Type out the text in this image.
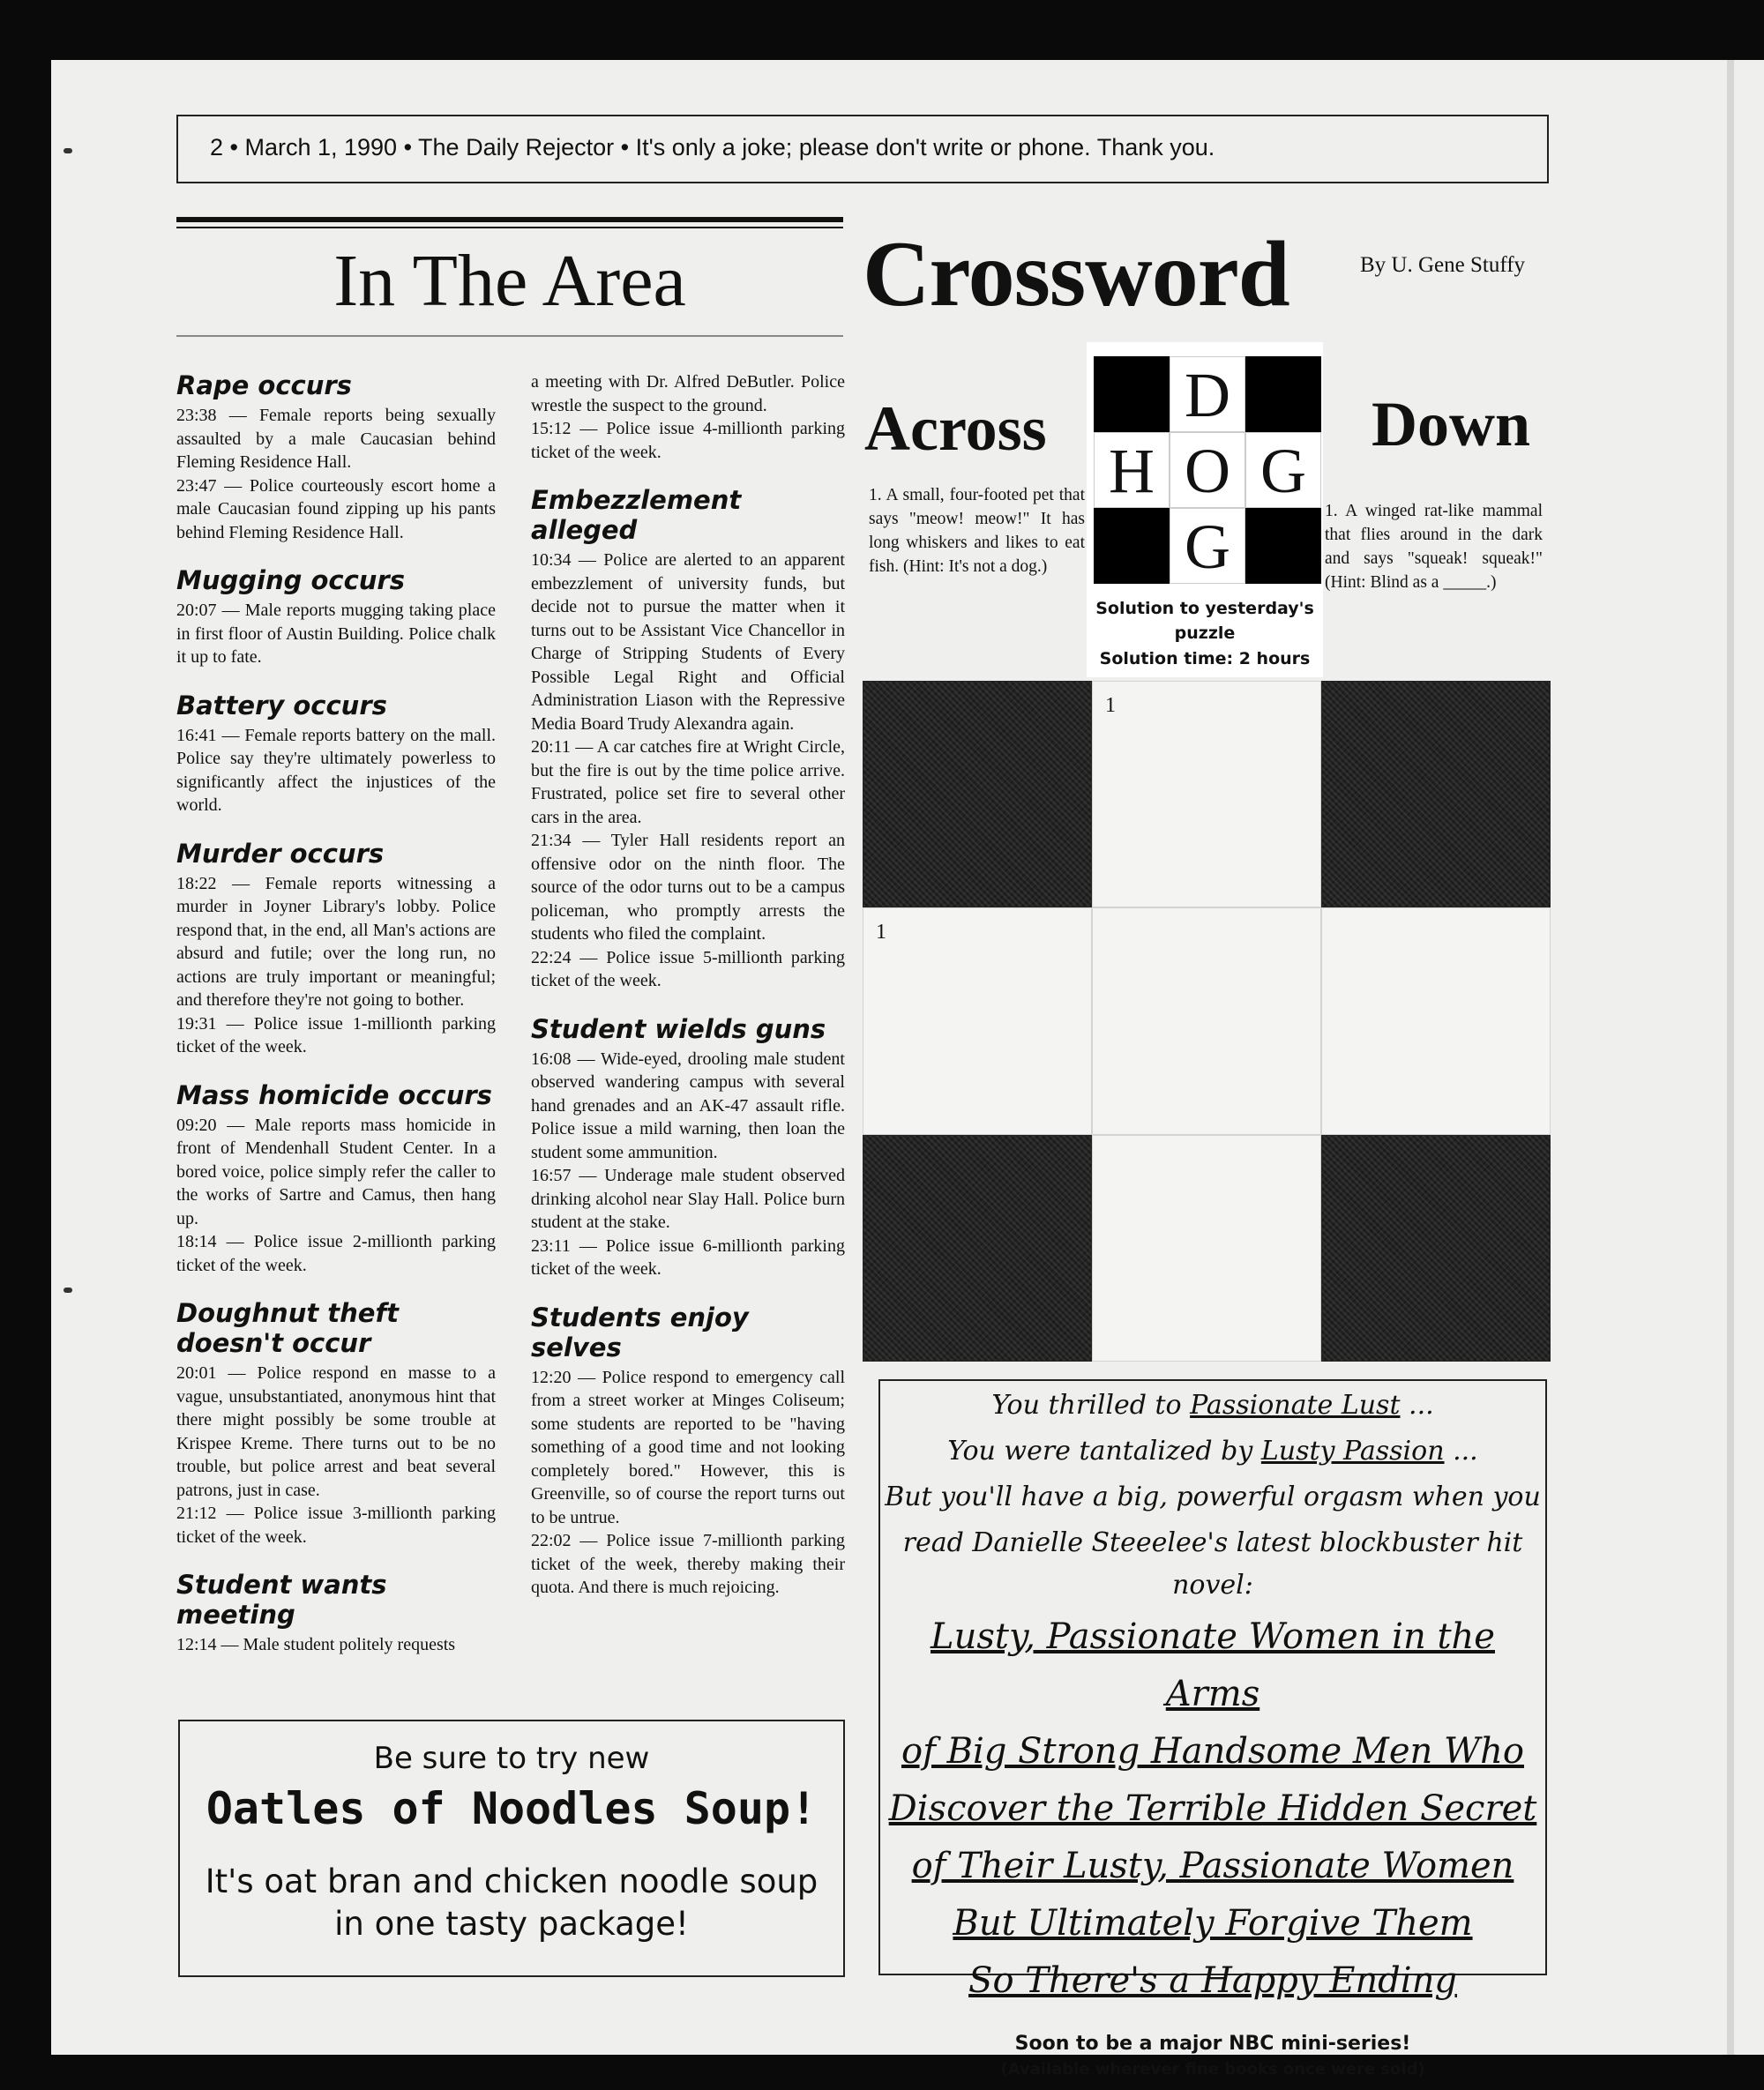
2 • March 1, 1990 • The Daily Rejector • It's only a joke; please don't write or phone. Thank you.
In The Area
Rape occurs

23:38 — Female reports being sexually assaulted by a male Caucasian behind Fleming Residence Hall.

23:47 — Police courteously escort home a male Caucasian found zipping up his pants behind Fleming Residence Hall.

Mugging occurs

20:07 — Male reports mugging taking place in first floor of Austin Building. Police chalk it up to fate.

Battery occurs

16:41 — Female reports battery on the mall. Police say they're ultimately powerless to significantly affect the injustices of the world.

Murder occurs

18:22 — Female reports witnessing a murder in Joyner Library's lobby. Police respond that, in the end, all Man's actions are absurd and futile; over the long run, no actions are truly important or meaningful; and therefore they're not going to bother.

19:31 — Police issue 1-millionth parking ticket of the week.

Mass homicide occurs

09:20 — Male reports mass homicide in front of Mendenhall Student Center. In a bored voice, police simply refer the caller to the works of Sartre and Camus, then hang up.

18:14 — Police issue 2-millionth parking ticket of the week.

Doughnut theft doesn't occur

20:01 — Police respond en masse to a vague, unsubstantiated, anonymous hint that there might possibly be some trouble at Krispee Kreme. There turns out to be no trouble, but police arrest and beat several patrons, just in case.

21:12 — Police issue 3-millionth parking ticket of the week.

Student wants meeting

12:14 — Male student politely requests

a meeting with Dr. Alfred DeButler. Police wrestle the suspect to the ground.

15:12 — Police issue 4-millionth parking ticket of the week.

Embezzlement alleged

10:34 — Police are alerted to an apparent embezzlement of university funds, but decide not to pursue the matter when it turns out to be Assistant Vice Chancellor in Charge of Stripping Students of Every Possible Legal Right and Official Administration Liason with the Repressive Media Board Trudy Alexandra again.

20:11 — A car catches fire at Wright Circle, but the fire is out by the time police arrive. Frustrated, police set fire to several other cars in the area.

21:34 — Tyler Hall residents report an offensive odor on the ninth floor. The source of the odor turns out to be a campus policeman, who promptly arrests the students who filed the complaint.

22:24 — Police issue 5-millionth parking ticket of the week.

Student wields guns

16:08 — Wide-eyed, drooling male student observed wandering campus with several hand grenades and an AK-47 assault rifle. Police issue a mild warning, then loan the student some ammunition.

16:57 — Underage male student observed drinking alcohol near Slay Hall. Police burn student at the stake.

23:11 — Police issue 6-millionth parking ticket of the week.

Students enjoy selves

12:20 — Police respond to emergency call from a street worker at Minges Coliseum; some students are reported to be "having something of a good time and not looking completely bored." However, this is Greenville, so of course the report turns out to be untrue.

22:02 — Police issue 7-millionth parking ticket of the week, thereby making their quota. And there is much rejoicing.

Be sure to try new
Oatles of Noodles Soup!
It's oat bran and chicken noodle soup
in one tasty package!
Crossword	By U. Gene Stuffy
Across	Down
D
H O G
G
Solution to yesterday's puzzle
Solution time: 2 hours
1. A small, four-footed pet that says "meow! meow!" It has long whiskers and likes to eat fish. (Hint: It's not a dog.)
1. A winged rat-like mammal that flies around in the dark and says "squeak! squeak!" (Hint: Blind as a _____.)
1
1
You thrilled to Passionate Lust ...
You were tantalized by Lusty Passion ...
But you'll have a big, powerful orgasm when you
read Danielle Steeelee's latest blockbuster hit novel:
Lusty, Passionate Women in the Arms
of Big Strong Handsome Men Who
Discover the Terrible Hidden Secret
of Their Lusty, Passionate Women
But Ultimately Forgive Them
So There's a Happy Ending
Soon to be a major NBC mini-series!
(Available wherever fine books once were sold)
